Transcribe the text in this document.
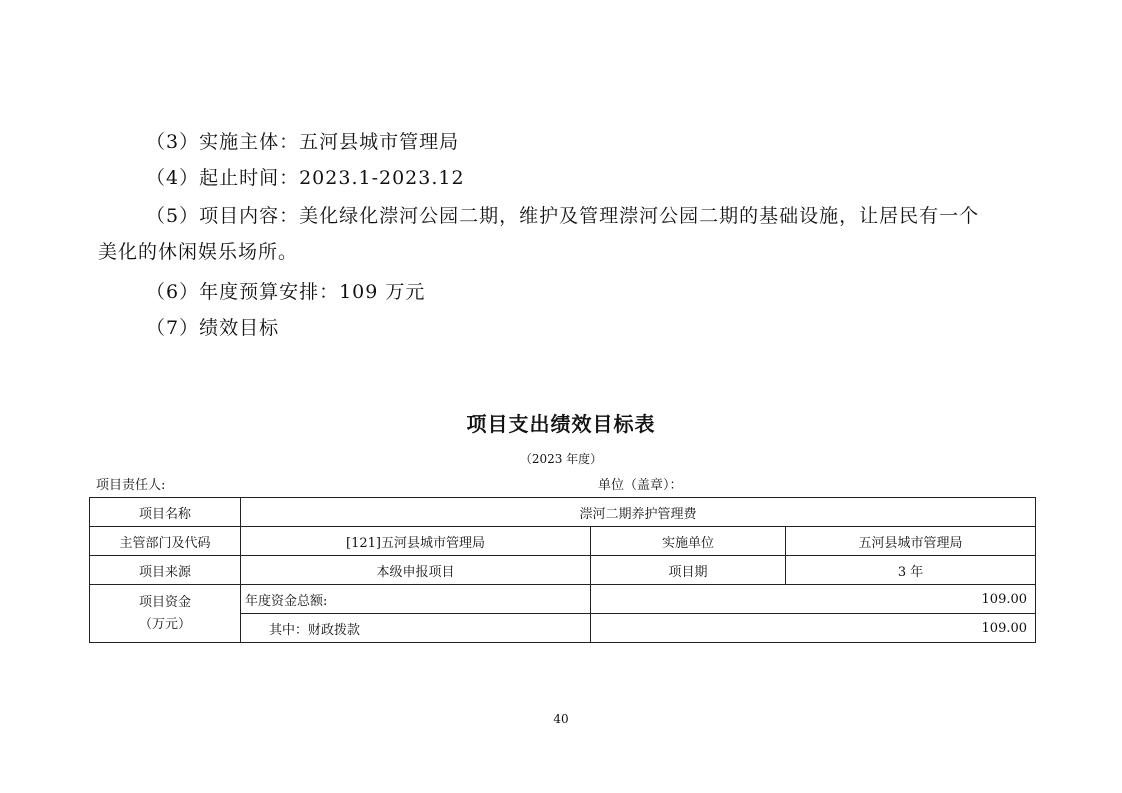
（3）实施主体：五河县城市管理局
（4）起止时间：2023.1-2023.12
（5）项目内容：美化绿化漴河公园二期，维护及管理漴河公园二期的基础设施，让居民有一个
美化的休闲娱乐场所。
（6）年度预算安排：109 万元
（7）绩效目标
项目支出绩效目标表
（2023 年度）
项目责任人:	单位（盖章）：
项目名称	漴河二期养护管理费		
主管部门及代码	[121]五河县城市管理局	实施单位	五河县城市管理局
项目来源	本级申报项目	项目期	3 年

项目资金
（万元）	年度资金总额:	109.00	
	其中：财政拨款	109.00	
40
